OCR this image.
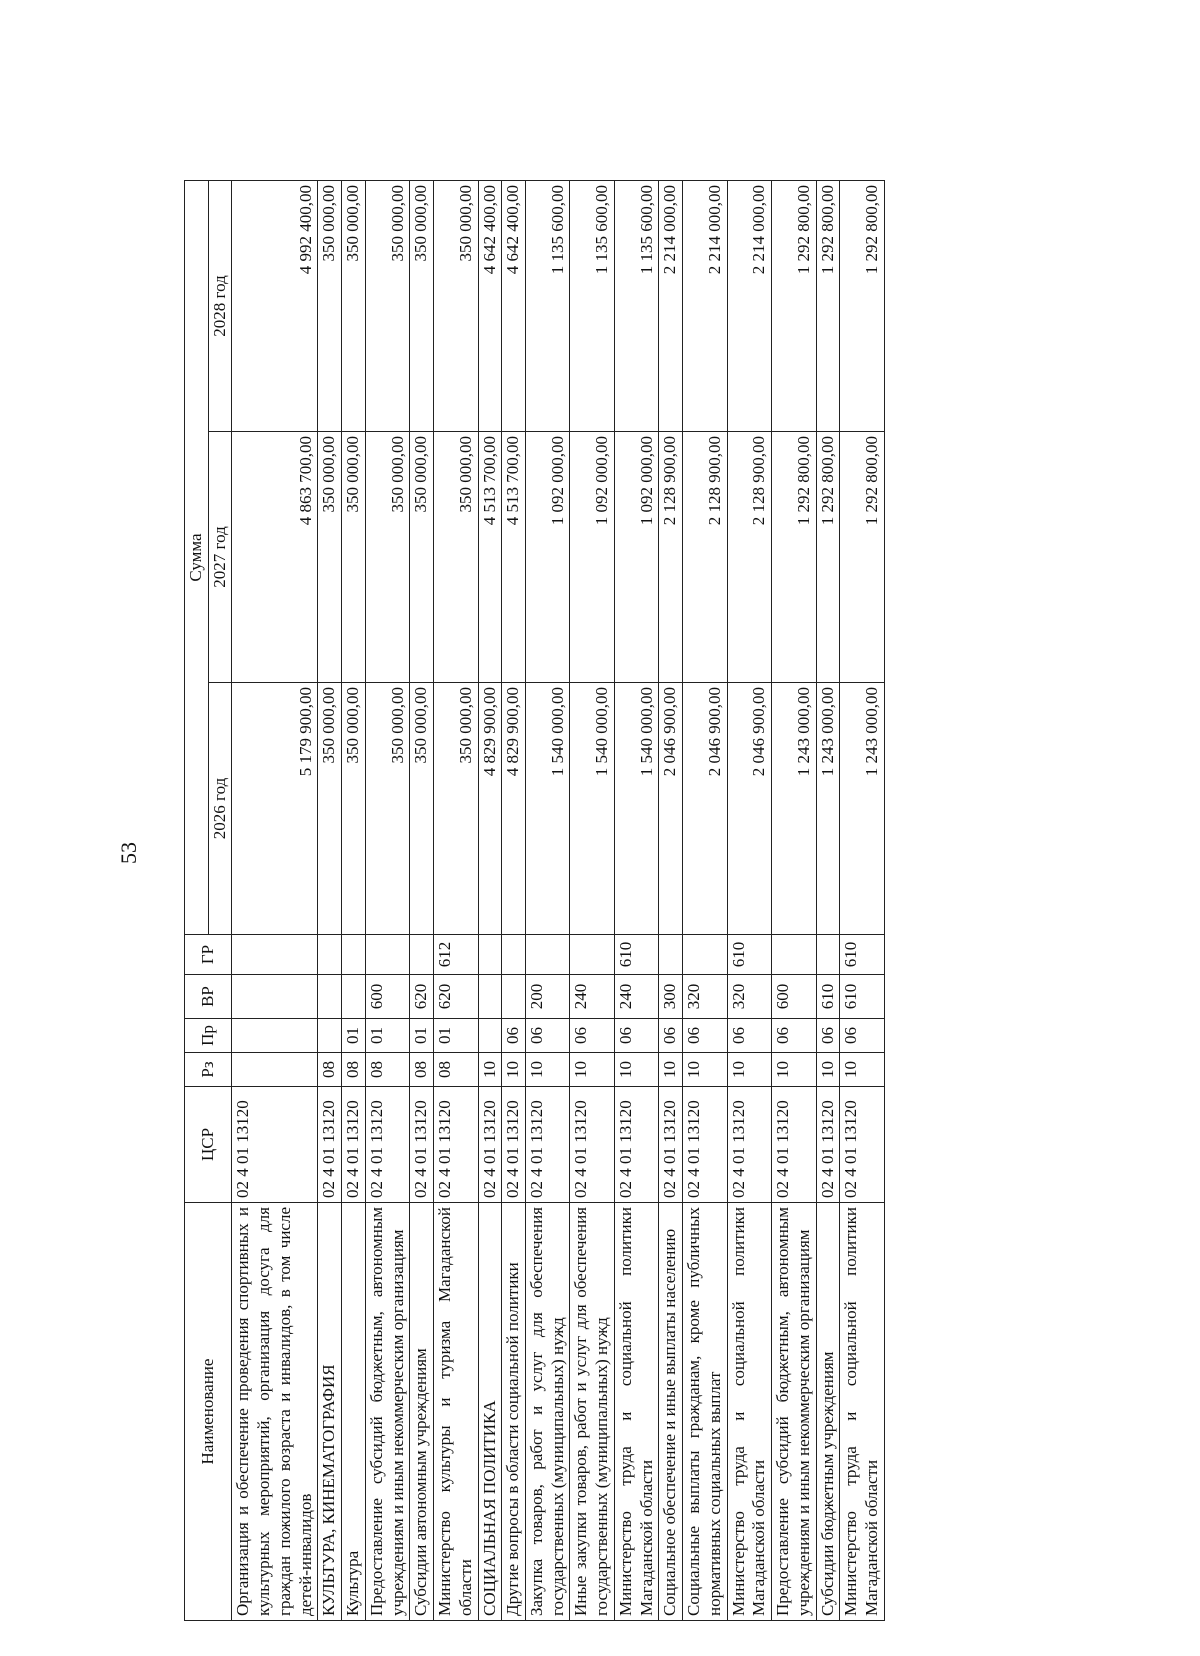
53
Наименование	ЦСР	Рз	Пр	ВР	ГР	Сумма		
						2026 год	2027 год	2028 год
Организация и обеспечение проведения спортивных и культурных мероприятий, организация досуга для граждан пожилого возраста и инвалидов, в том числе детей-инвалидов	02 4 01 13120					5 179 900,00	4 863 700,00	4 992 400,00
КУЛЬТУРА, КИНЕМАТОГРАФИЯ	02 4 01 13120	08				350 000,00	350 000,00	350 000,00
Культура	02 4 01 13120	08	01			350 000,00	350 000,00	350 000,00
Предоставление субсидий бюджетным, автономным учреждениям и иным некоммерческим организациям	02 4 01 13120	08	01	600		350 000,00	350 000,00	350 000,00
Субсидии автономным учреждениям	02 4 01 13120	08	01	620		350 000,00	350 000,00	350 000,00
Министерство культуры и туризма Магаданской области	02 4 01 13120	08	01	620	612	350 000,00	350 000,00	350 000,00
СОЦИАЛЬНАЯ ПОЛИТИКА	02 4 01 13120	10				4 829 900,00	4 513 700,00	4 642 400,00
Другие вопросы в области социальной политики	02 4 01 13120	10	06			4 829 900,00	4 513 700,00	4 642 400,00
Закупка товаров, работ и услуг для обеспечения государственных (муниципальных) нужд	02 4 01 13120	10	06	200		1 540 000,00	1 092 000,00	1 135 600,00
Иные закупки товаров, работ и услуг для обеспечения государственных (муниципальных) нужд	02 4 01 13120	10	06	240		1 540 000,00	1 092 000,00	1 135 600,00
Министерство труда и социальной политики Магаданской области	02 4 01 13120	10	06	240	610	1 540 000,00	1 092 000,00	1 135 600,00
Социальное обеспечение и иные выплаты населению	02 4 01 13120	10	06	300		2 046 900,00	2 128 900,00	2 214 000,00
Социальные выплаты гражданам, кроме публичных нормативных социальных выплат	02 4 01 13120	10	06	320		2 046 900,00	2 128 900,00	2 214 000,00
Министерство труда и социальной политики Магаданской области	02 4 01 13120	10	06	320	610	2 046 900,00	2 128 900,00	2 214 000,00
Предоставление субсидий бюджетным, автономным учреждениям и иным некоммерческим организациям	02 4 01 13120	10	06	600		1 243 000,00	1 292 800,00	1 292 800,00
Субсидии бюджетным учреждениям	02 4 01 13120	10	06	610		1 243 000,00	1 292 800,00	1 292 800,00
Министерство труда и социальной политики Магаданской области	02 4 01 13120	10	06	610	610	1 243 000,00	1 292 800,00	1 292 800,00
